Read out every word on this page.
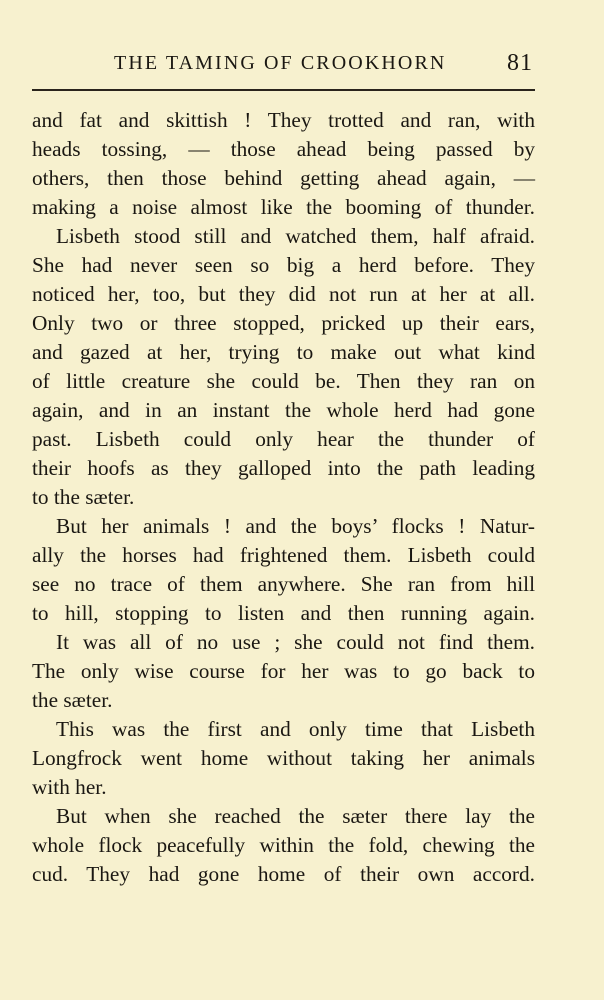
THE TAMING OF CROOKHORN	81
and fat and skittish ! They trotted and ran, with
heads tossing, — those ahead being passed by
others, then those behind getting ahead again, —
making a noise almost like the booming of thunder.
Lisbeth stood still and watched them, half afraid.
She had never seen so big a herd before. They
noticed her, too, but they did not run at her at all.
Only two or three stopped, pricked up their ears,
and gazed at her, trying to make out what kind
of little creature she could be. Then they ran on
again, and in an instant the whole herd had gone
past. Lisbeth could only hear the thunder of
their hoofs as they galloped into the path leading
to the sæter.
But her animals ! and the boys’ flocks ! Natur-
ally the horses had frightened them. Lisbeth could
see no trace of them anywhere. She ran from hill
to hill, stopping to listen and then running again.
It was all of no use ; she could not find them.
The only wise course for her was to go back to
the sæter.
This was the first and only time that Lisbeth
Longfrock went home without taking her animals
with her.
But when she reached the sæter there lay the
whole flock peacefully within the fold, chewing the
cud. They had gone home of their own accord.
